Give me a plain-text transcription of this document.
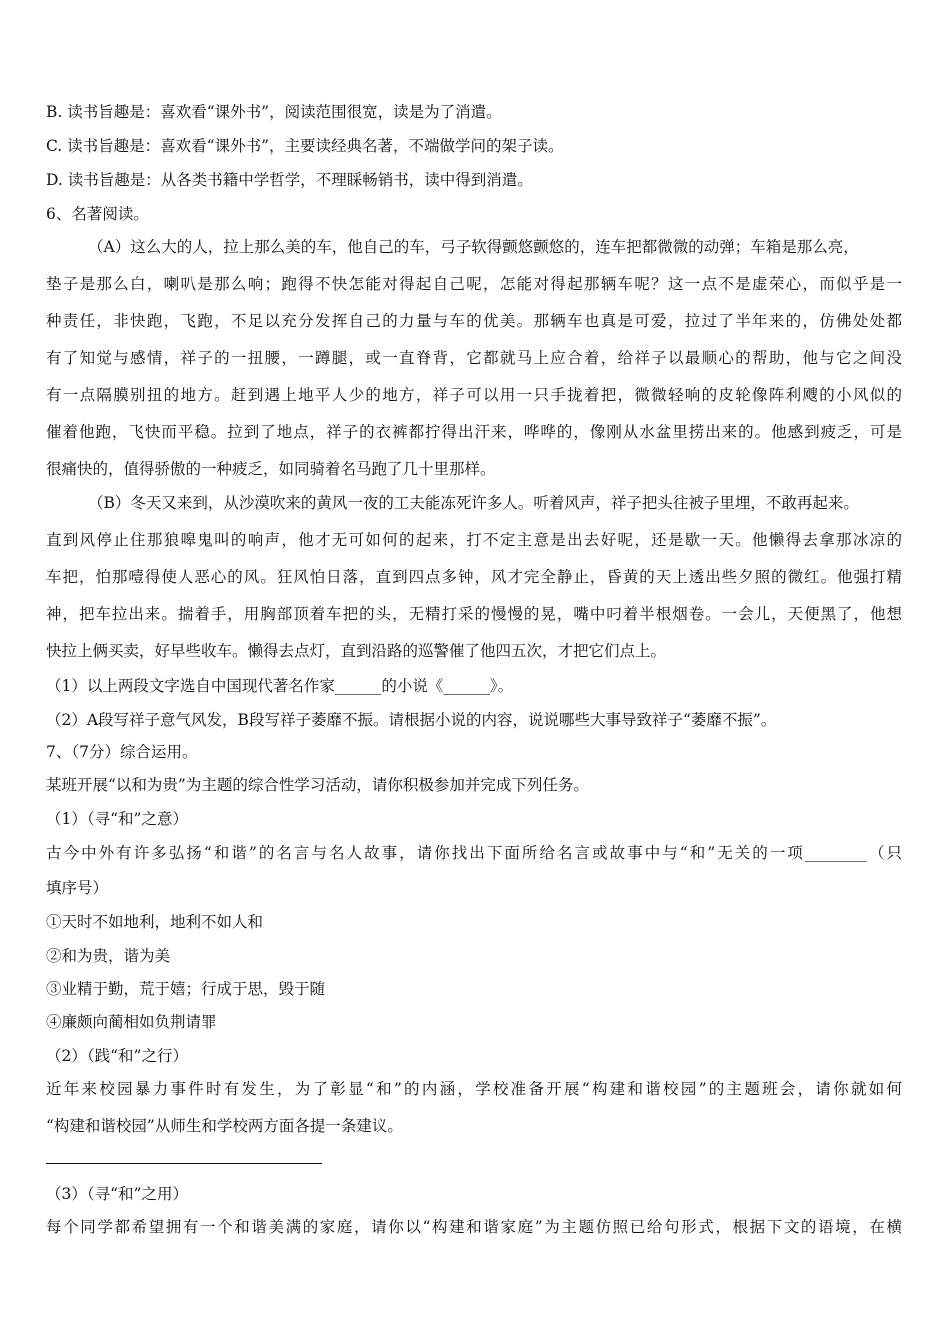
B. 读书旨趣是：喜欢看“课外书”，阅读范围很宽，读是为了消遣。
C. 读书旨趣是：喜欢看“课外书”，主要读经典名著，不端做学问的架子读。
D. 读书旨趣是：从各类书籍中学哲学，不理睬畅销书，读中得到消遣。
6、名著阅读。
（A）这么大的人，拉上那么美的车，他自己的车，弓子软得颤悠颤悠的，连车把都微微的动弹；车箱是那么亮，
垫子是那么白，喇叭是那么响；跑得不快怎能对得起自己呢，怎能对得起那辆车呢？这一点不是虚荣心，而似乎是一
种责任，非快跑，飞跑，不足以充分发挥自己的力量与车的优美。那辆车也真是可爱，拉过了半年来的，仿佛处处都
有了知觉与感情，祥子的一扭腰，一蹲腿，或一直脊背，它都就马上应合着，给祥子以最顺心的帮助，他与它之间没
有一点隔膜别扭的地方。赶到遇上地平人少的地方，祥子可以用一只手拢着把，微微轻响的皮轮像阵利飕的小风似的
催着他跑，飞快而平稳。拉到了地点，祥子的衣裤都拧得出汗来，哗哗的，像刚从水盆里捞出来的。他感到疲乏，可是
很痛快的，值得骄傲的一种疲乏，如同骑着名马跑了几十里那样。
（B）冬天又来到，从沙漠吹来的黄风一夜的工夫能冻死许多人。听着风声，祥子把头往被子里埋，不敢再起来。
直到风停止住那狼嗥鬼叫的响声，他才无可如何的起来，打不定主意是出去好呢，还是歇一天。他懒得去拿那冰凉的
车把，怕那噎得使人恶心的风。狂风怕日落，直到四点多钟，风才完全静止，昏黄的天上透出些夕照的微红。他强打精
神，把车拉出来。揣着手，用胸部顶着车把的头，无精打采的慢慢的晃，嘴中叼着半根烟卷。一会儿，天便黑了，他想
快拉上俩买卖，好早些收车。懒得去点灯，直到沿路的巡警催了他四五次，才把它们点上。
（1）以上两段文字选自中国现代著名作家______的小说《______》。
（2）A段写祥子意气风发，B段写祥子萎靡不振。请根据小说的内容，说说哪些大事导致祥子“萎靡不振”。
7、（7分）综合运用。
某班开展“以和为贵”为主题的综合性学习活动，请你积极参加并完成下列任务。
（1）（寻“和”之意）
古今中外有许多弘扬“和谐”的名言与名人故事，请你找出下面所给名言或故事中与“和”无关的一项________（只
填序号）
①天时不如地利，地利不如人和
②和为贵，谐为美
③业精于勤，荒于嬉；行成于思，毁于随
④廉颇向蔺相如负荆请罪
（2）（践“和”之行）
近年来校园暴力事件时有发生，为了彰显“和”的内涵，学校准备开展“构建和谐校园”的主题班会，请你就如何
“构建和谐校园”从师生和学校两方面各提一条建议。
（3）（寻“和”之用）
每个同学都希望拥有一个和谐美满的家庭，请你以“构建和谐家庭”为主题仿照已给句形式，根据下文的语境，在横
